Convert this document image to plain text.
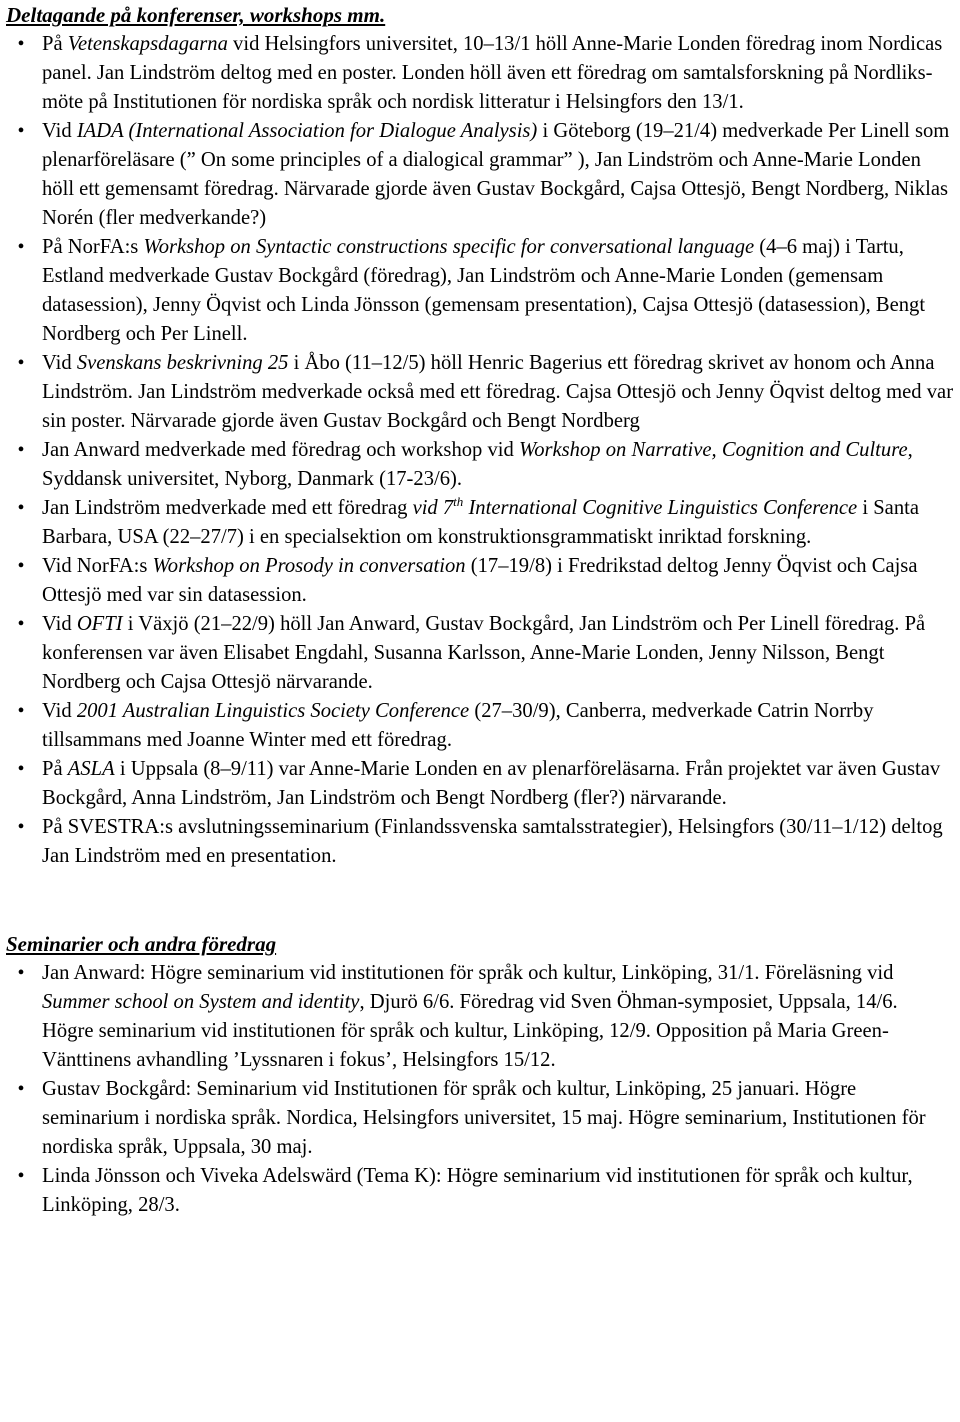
Deltagande på konferenser, workshops mm.
• På Vetenskapsdagarna vid Helsingfors universitet, 10–13/1 höll Anne-Marie Londen föredrag inom Nordicas panel. Jan Lindström deltog med en poster. Londen höll även ett föredrag om samtalsforskning på Nordliks-möte på Institutionen för nordiska språk och nordisk litteratur i Helsingfors den 13/1.
• Vid IADA (International Association for Dialogue Analysis) i Göteborg (19–21/4) medverkade Per Linell som plenarföreläsare (” On some principles of a dialogical grammar” ), Jan Lindström och Anne-Marie Londen höll ett gemensamt föredrag. Närvarade gjorde även Gustav Bockgård, Cajsa Ottesjö, Bengt Nordberg, Niklas Norén (fler medverkande?)
• På NorFA:s Workshop on Syntactic constructions specific for conversational language (4–6 maj) i Tartu, Estland medverkade Gustav Bockgård (föredrag), Jan Lindström och Anne-Marie Londen (gemensam datasession), Jenny Öqvist och Linda Jönsson (gemensam presentation), Cajsa Ottesjö (datasession), Bengt Nordberg och Per Linell.
• Vid Svenskans beskrivning 25 i Åbo (11–12/5) höll Henric Bagerius ett föredrag skrivet av honom och Anna Lindström. Jan Lindström medverkade också med ett föredrag. Cajsa Ottesjö och Jenny Öqvist deltog med var sin poster. Närvarade gjorde även Gustav Bockgård och Bengt Nordberg
• Jan Anward medverkade med föredrag och workshop vid Workshop on Narrative, Cognition and Culture, Syddansk universitet, Nyborg, Danmark (17-23/6).
• Jan Lindström medverkade med ett föredrag vid 7th International Cognitive Linguistics Conference i Santa Barbara, USA (22–27/7) i en specialsektion om konstruktionsgrammatiskt inriktad forskning.
• Vid NorFA:s Workshop on Prosody in conversation (17–19/8) i Fredrikstad deltog Jenny Öqvist och Cajsa Ottesjö med var sin datasession.
• Vid OFTI i Växjö (21–22/9) höll Jan Anward, Gustav Bockgård, Jan Lindström och Per Linell föredrag. På konferensen var även Elisabet Engdahl, Susanna Karlsson, Anne-Marie Londen, Jenny Nilsson, Bengt Nordberg och Cajsa Ottesjö närvarande.
• Vid 2001 Australian Linguistics Society Conference (27–30/9), Canberra, medverkade Catrin Norrby tillsammans med Joanne Winter med ett föredrag.
• På ASLA i Uppsala (8–9/11) var Anne-Marie Londen en av plenarföreläsarna. Från projektet var även Gustav Bockgård, Anna Lindström, Jan Lindström och Bengt Nordberg (fler?) närvarande.
• På SVESTRA:s avslutningsseminarium (Finlandssvenska samtalsstrategier), Helsingfors (30/11–1/12) deltog Jan Lindström med en presentation.
Seminarier och andra föredrag
• Jan Anward: Högre seminarium vid institutionen för språk och kultur, Linköping, 31/1. Föreläsning vid Summer school on System and identity, Djurö 6/6. Föredrag vid Sven Öhman-symposiet, Uppsala, 14/6. Högre seminarium vid institutionen för språk och kultur, Linköping, 12/9. Opposition på Maria Green-Vänttinens avhandling ’Lyssnaren i fokus’, Helsingfors 15/12.
• Gustav Bockgård: Seminarium vid Institutionen för språk och kultur, Linköping, 25 januari. Högre seminarium i nordiska språk. Nordica, Helsingfors universitet, 15 maj. Högre seminarium, Institutionen för nordiska språk, Uppsala, 30 maj.
• Linda Jönsson och Viveka Adelswärd (Tema K): Högre seminarium vid institutionen för språk och kultur, Linköping, 28/3.
